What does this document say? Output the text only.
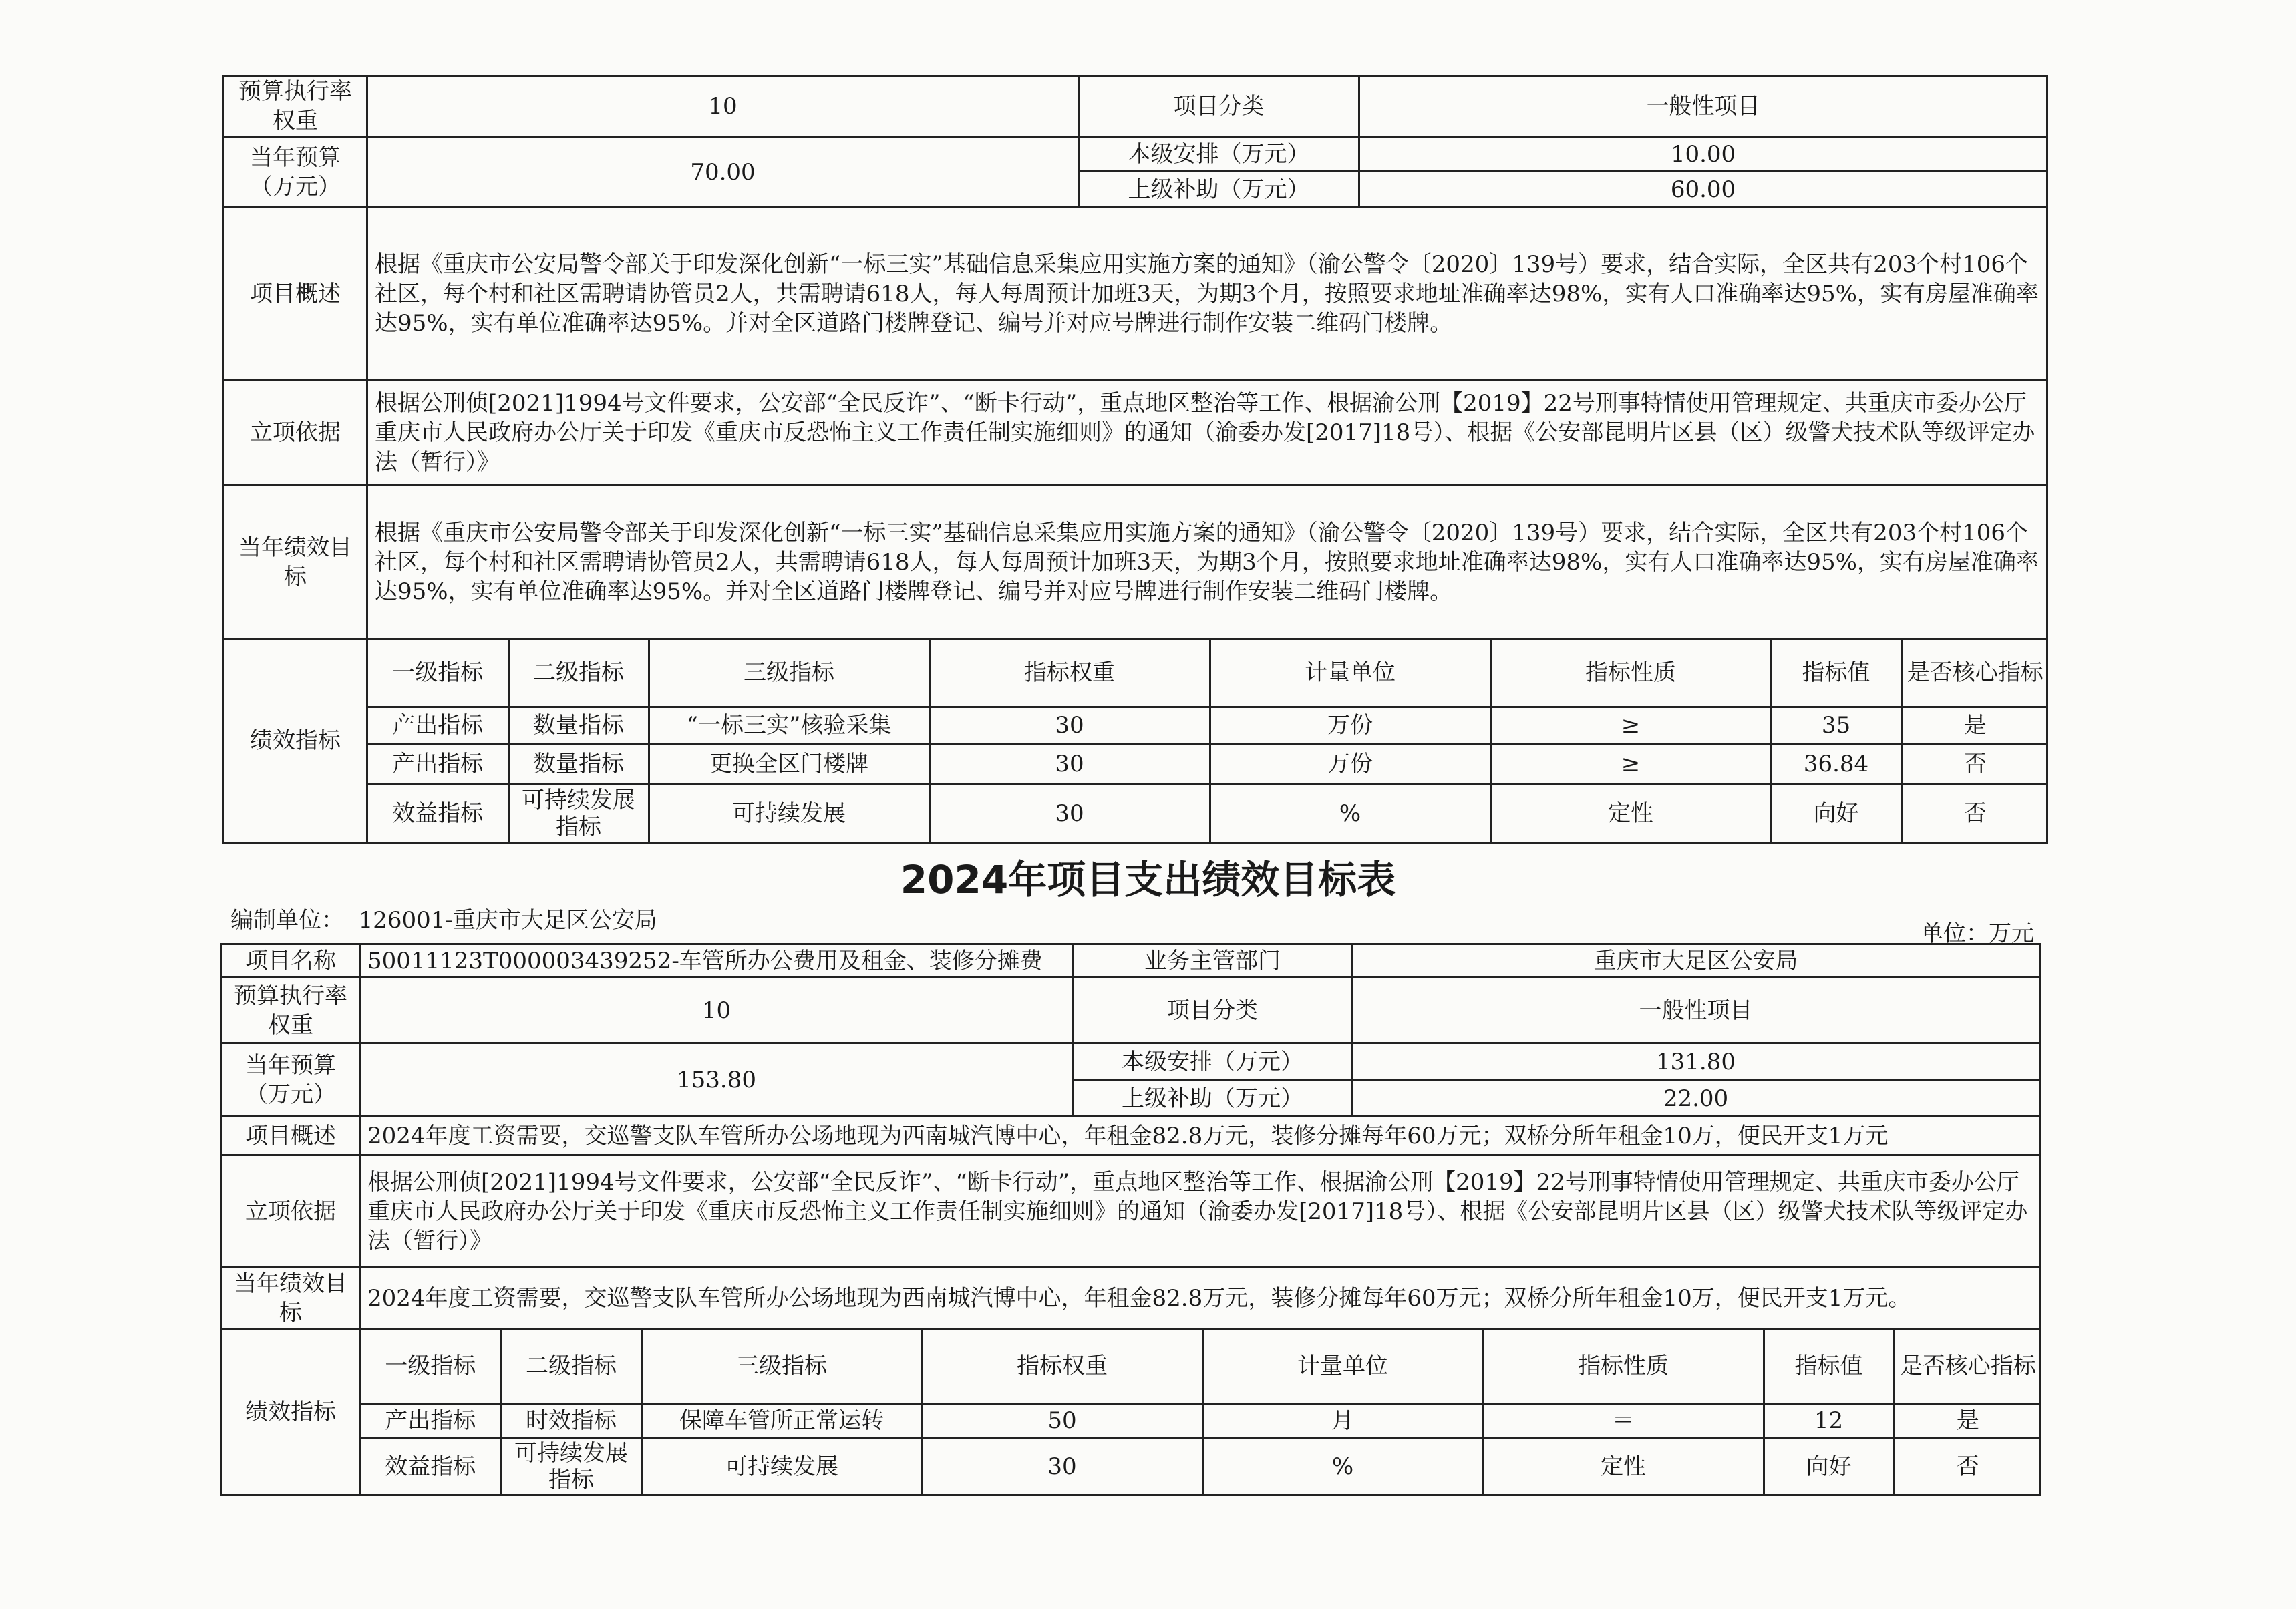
预算执行率权重	10	项目分类	一般性项目
当年预算（万元）	70.00	本级安排（万元）	10.00
上级补助（万元）	60.00
项目概述	根据《重庆市公安局警令部关于印发深化创新“一标三实”基础信息采集应用实施方案的通知》（渝公警令〔2020〕139号）要求，结合实际，全区共有203个村106个社区，每个村和社区需聘请协管员2人，共需聘请618人，每人每周预计加班3天，为期3个月，按照要求地址准确率达98%，实有人口准确率达95%，实有房屋准确率达95%，实有单位准确率达95%。并对全区道路门楼牌登记、编号并对应号牌进行制作安装二维码门楼牌。
立项依据	根据公刑侦[2021]1994号文件要求，公安部“全民反诈”、“断卡行动”，重点地区整治等工作、根据渝公刑【2019】22号刑事特情使用管理规定、共重庆市委办公厅重庆市人民政府办公厅关于印发《重庆市反恐怖主义工作责任制实施细则》的通知（渝委办发[2017]18号）、根据《公安部昆明片区县（区）级警犬技术队等级评定办法（暂行）》
当年绩效目标	根据《重庆市公安局警令部关于印发深化创新“一标三实”基础信息采集应用实施方案的通知》（渝公警令〔2020〕139号）要求，结合实际，全区共有203个村106个社区，每个村和社区需聘请协管员2人，共需聘请618人，每人每周预计加班3天，为期3个月，按照要求地址准确率达98%，实有人口准确率达95%，实有房屋准确率达95%，实有单位准确率达95%。并对全区道路门楼牌登记、编号并对应号牌进行制作安装二维码门楼牌。
绩效指标	
一级指标	二级指标	三级指标	指标权重	计量单位	指标性质	指标值	是否核心指标
产出指标	数量指标	“一标三实”核验采集	30	万份	≥	35	是
产出指标	数量指标	更换全区门楼牌	30	万份	≥	36.84	否
效益指标	可持续发展指标	可持续发展	30	%	定性	向好	否
2024年项目支出绩效目标表
编制单位： 126001-重庆市大足区公安局	单位：万元
项目名称	50011123T000003439252-车管所办公费用及租金、装修分摊费	业务主管部门	重庆市大足区公安局
预算执行率权重	10	项目分类	一般性项目
当年预算（万元）	153.80	本级安排（万元）	131.80
上级补助（万元）	22.00
项目概述	2024年度工资需要，交巡警支队车管所办公场地现为西南城汽博中心，年租金82.8万元，装修分摊每年60万元；双桥分所年租金10万，便民开支1万元
立项依据	根据公刑侦[2021]1994号文件要求，公安部“全民反诈”、“断卡行动”，重点地区整治等工作、根据渝公刑【2019】22号刑事特情使用管理规定、共重庆市委办公厅重庆市人民政府办公厅关于印发《重庆市反恐怖主义工作责任制实施细则》的通知（渝委办发[2017]18号）、根据《公安部昆明片区县（区）级警犬技术队等级评定办法（暂行）》
当年绩效目标	2024年度工资需要，交巡警支队车管所办公场地现为西南城汽博中心，年租金82.8万元，装修分摊每年60万元；双桥分所年租金10万，便民开支1万元。
绩效指标	
一级指标	二级指标	三级指标	指标权重	计量单位	指标性质	指标值	是否核心指标
产出指标	时效指标	保障车管所正常运转	50	月	＝	12	是
效益指标	可持续发展指标	可持续发展	30	%	定性	向好	否
